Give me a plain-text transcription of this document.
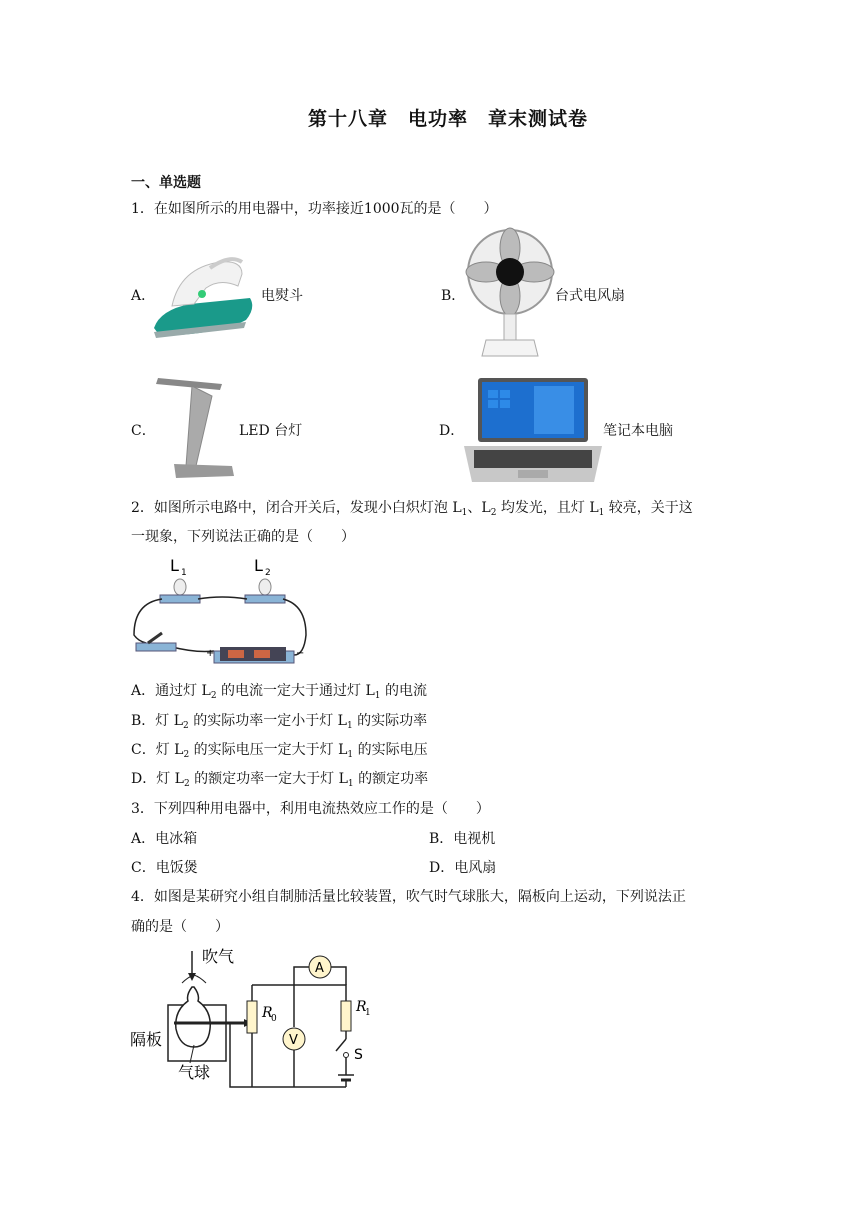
第十八章　电功率　章末测试卷
一、单选题
1．在如图所示的用电器中，功率接近1000瓦的是（　　）
A．	电熨斗	B．	台式电风扇
C．	LED 台灯	D．	笔记本电脑
2．如图所示电路中，闭合开关后，发现小白炽灯泡 $L_1$、$L_2$ 均发光，且灯 $L_1$ 较亮，关于这
一现象，下列说法正确的是（　　）
L 1	L 2
+	−
A．通过灯 $L_2$ 的电流一定大于通过灯 $L_1$ 的电流
B．灯 $L_2$ 的实际功率一定小于灯 $L_1$ 的实际功率
C．灯 $L_2$ 的实际电压一定大于灯 $L_1$ 的实际电压
D．灯 $L_2$ 的额定功率一定大于灯 $L_1$ 的额定功率
3．下列四种用电器中，利用电流热效应工作的是（　　）
A．电冰箱	B．电视机
C．电饭煲	D．电风扇
4．如图是某研究小组自制肺活量比较装置，吹气时气球胀大，隔板向上运动，下列说法正
确的是（　　）
吹气
隔板
气球
R
0
V
A
R
1
S
